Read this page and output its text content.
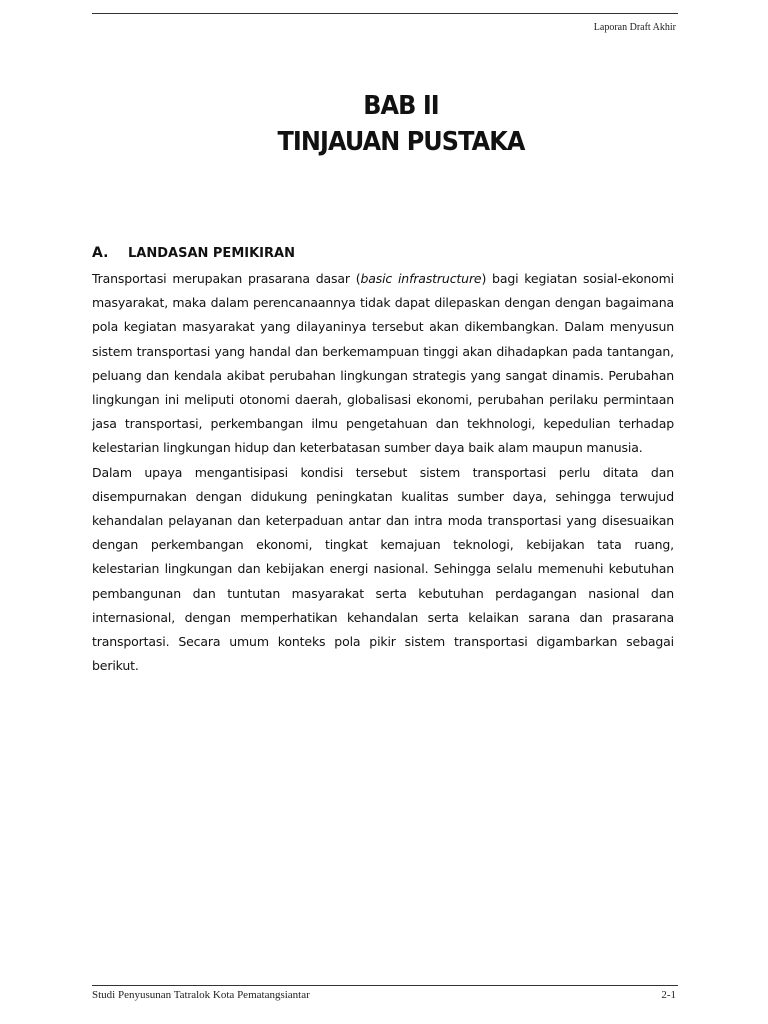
Laporan Draft Akhir
BAB II
TINJAUAN PUSTAKA
A. LANDASAN PEMIKIRAN

Transportasi merupakan prasarana dasar (basic infrastructure) bagi kegiatan sosial-ekonomi masyarakat, maka dalam perencanaannya tidak dapat dilepaskan dengan dengan bagaimana pola kegiatan masyarakat yang dilayaninya tersebut akan dikembangkan. Dalam menyusun sistem transportasi yang handal dan berkemampuan tinggi akan dihadapkan pada tantangan, peluang dan kendala akibat perubahan lingkungan strategis yang sangat dinamis. Perubahan lingkungan ini meliputi otonomi daerah, globalisasi ekonomi, perubahan perilaku permintaan jasa transportasi, perkembangan ilmu pengetahuan dan tekhnologi, kepedulian terhadap kelestarian lingkungan hidup dan keterbatasan sumber daya baik alam maupun manusia.

Dalam upaya mengantisipasi kondisi tersebut sistem transportasi perlu ditata dan disempurnakan dengan didukung peningkatan kualitas sumber daya, sehingga terwujud kehandalan pelayanan dan keterpaduan antar dan intra moda transportasi yang disesuaikan dengan perkembangan ekonomi, tingkat kemajuan teknologi, kebijakan tata ruang, kelestarian lingkungan dan kebijakan energi nasional. Sehingga selalu memenuhi kebutuhan pembangunan dan tuntutan masyarakat serta kebutuhan perdagangan nasional dan internasional, dengan memperhatikan kehandalan serta kelaikan sarana dan prasarana transportasi. Secara umum konteks pola pikir sistem transportasi digambarkan sebagai berikut.

Studi Penyusunan Tatralok Kota Pematangsiantar	2-1
